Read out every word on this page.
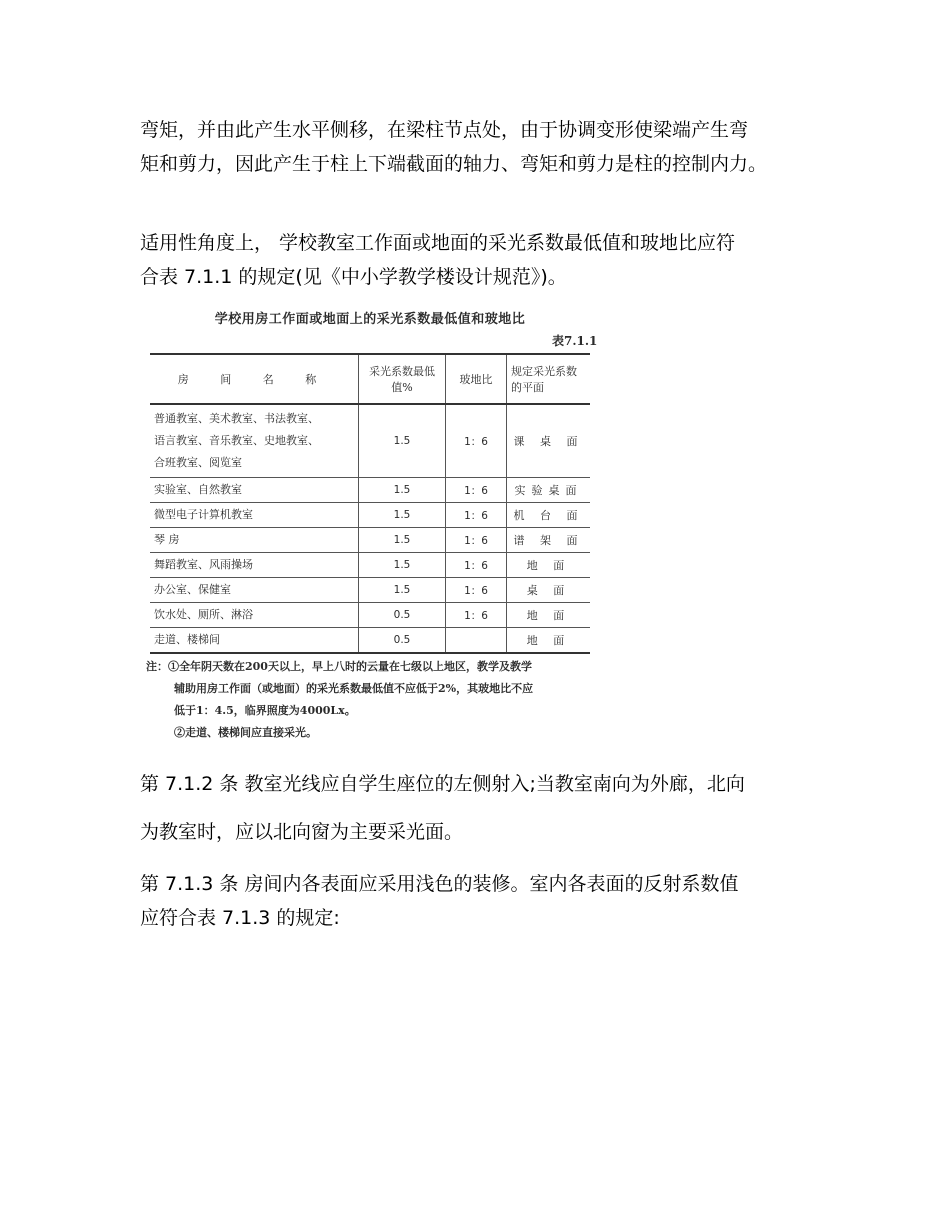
弯矩，并由此产生水平侧移，在梁柱节点处，由于协调变形使梁端产生弯
矩和剪力，因此产生于柱上下端截面的轴力、弯矩和剪力是柱的控制内力。
适用性角度上， 学校教室工作面或地面的采光系数最低值和玻地比应符
合表 7.1.1 的规定(见《中小学教学楼设计规范》)。
学校用房工作面或地面上的采光系数最低值和玻地比
表7.1.1
房 间 名 称	采光系数最低值%	玻地比	规定采光系数的平面

普通教室、美术教室、书法教室、
语言教室、音乐教室、史地教室、
合班教室、阅览室	1.5	1：6	课 桌 面
实验室、自然教室	1.5	1：6	实验桌面
微型电子计算机教室	1.5	1：6	机 台 面
琴 房	1.5	1：6	谱 架 面
舞蹈教室、风雨操场	1.5	1：6	地 面
办公室、保健室	1.5	1：6	桌 面
饮水处、厕所、淋浴	0.5	1：6	地 面
走道、楼梯间	0.5		地 面
注：①全年阴天数在200天以上，早上八时的云量在七级以上地区，教学及教学
辅助用房工作面（或地面）的采光系数最低值不应低于2%，其玻地比不应
低于1：4.5，临界照度为4000Lx。
②走道、楼梯间应直接采光。
第 7.1.2 条 教室光线应自学生座位的左侧射入;当教室南向为外廊，北向
为教室时，应以北向窗为主要采光面。
第 7.1.3 条 房间内各表面应采用浅色的装修。室内各表面的反射系数值
应符合表 7.1.3 的规定:
